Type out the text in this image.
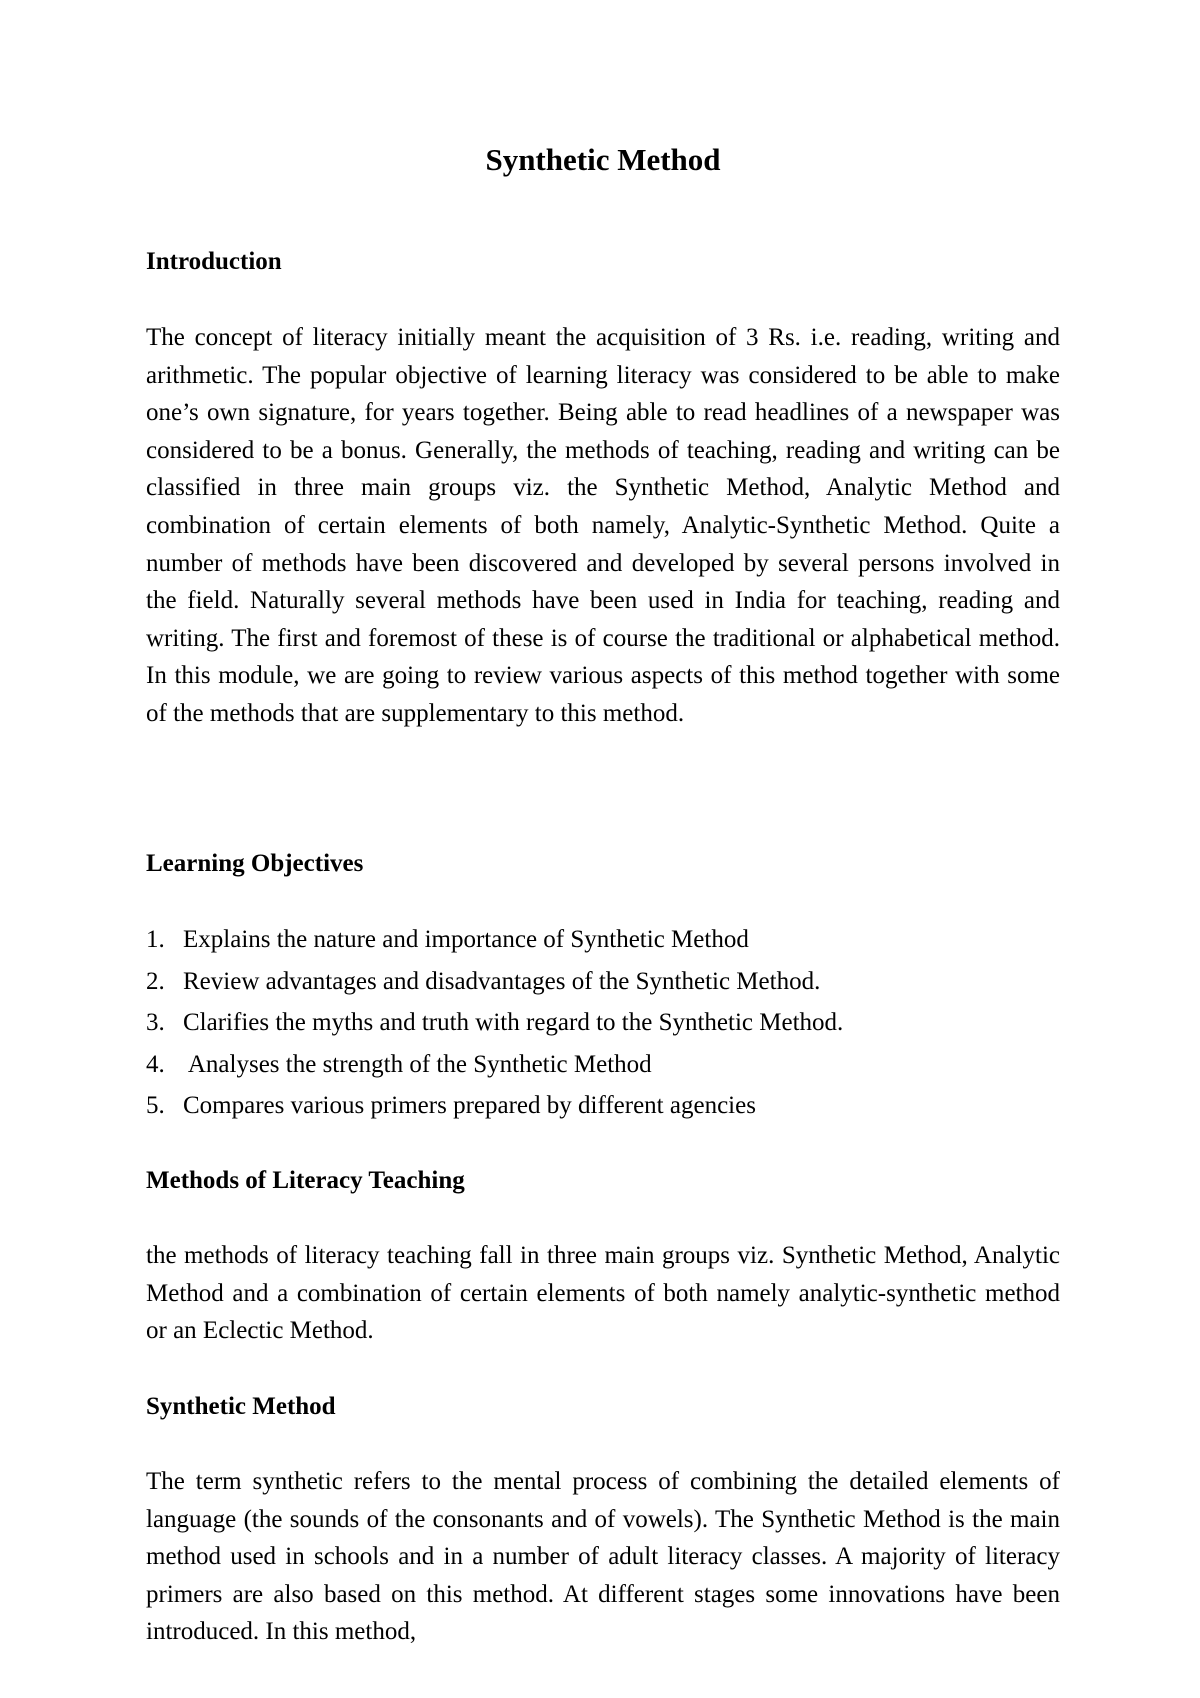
Synthetic Method
Introduction

The concept of literacy initially meant the acquisition of 3 Rs. i.e. reading, writing and arithmetic. The popular objective of learning literacy was considered to be able to make one’s own signature, for years together. Being able to read headlines of a newspaper was considered to be a bonus. Generally, the methods of teaching, reading and writing can be classified in three main groups viz. the Synthetic Method, Analytic Method and combination of certain elements of both namely, Analytic-Synthetic Method. Quite a number of methods have been discovered and developed by several persons involved in the field. Naturally several methods have been used in India for teaching, reading and writing. The first and foremost of these is of course the traditional or alphabetical method. In this module, we are going to review various aspects of this method together with some of the methods that are supplementary to this method.

Learning Objectives
1. Explains the nature and importance of Synthetic Method
2. Review advantages and disadvantages of the Synthetic Method.
3. Clarifies the myths and truth with regard to the Synthetic Method.
4. Analyses the strength of the Synthetic Method
5. Compares various primers prepared by different agencies
Methods of Literacy Teaching

the methods of literacy teaching fall in three main groups viz. Synthetic Method, Analytic Method and a combination of certain elements of both namely analytic-synthetic method or an Eclectic Method.

Synthetic Method

The term synthetic refers to the mental process of combining the detailed elements of language (the sounds of the consonants and of vowels). The Synthetic Method is the main method used in schools and in a number of adult literacy classes. A majority of literacy primers are also based on this method. At different stages some innovations have been introduced. In this method,
